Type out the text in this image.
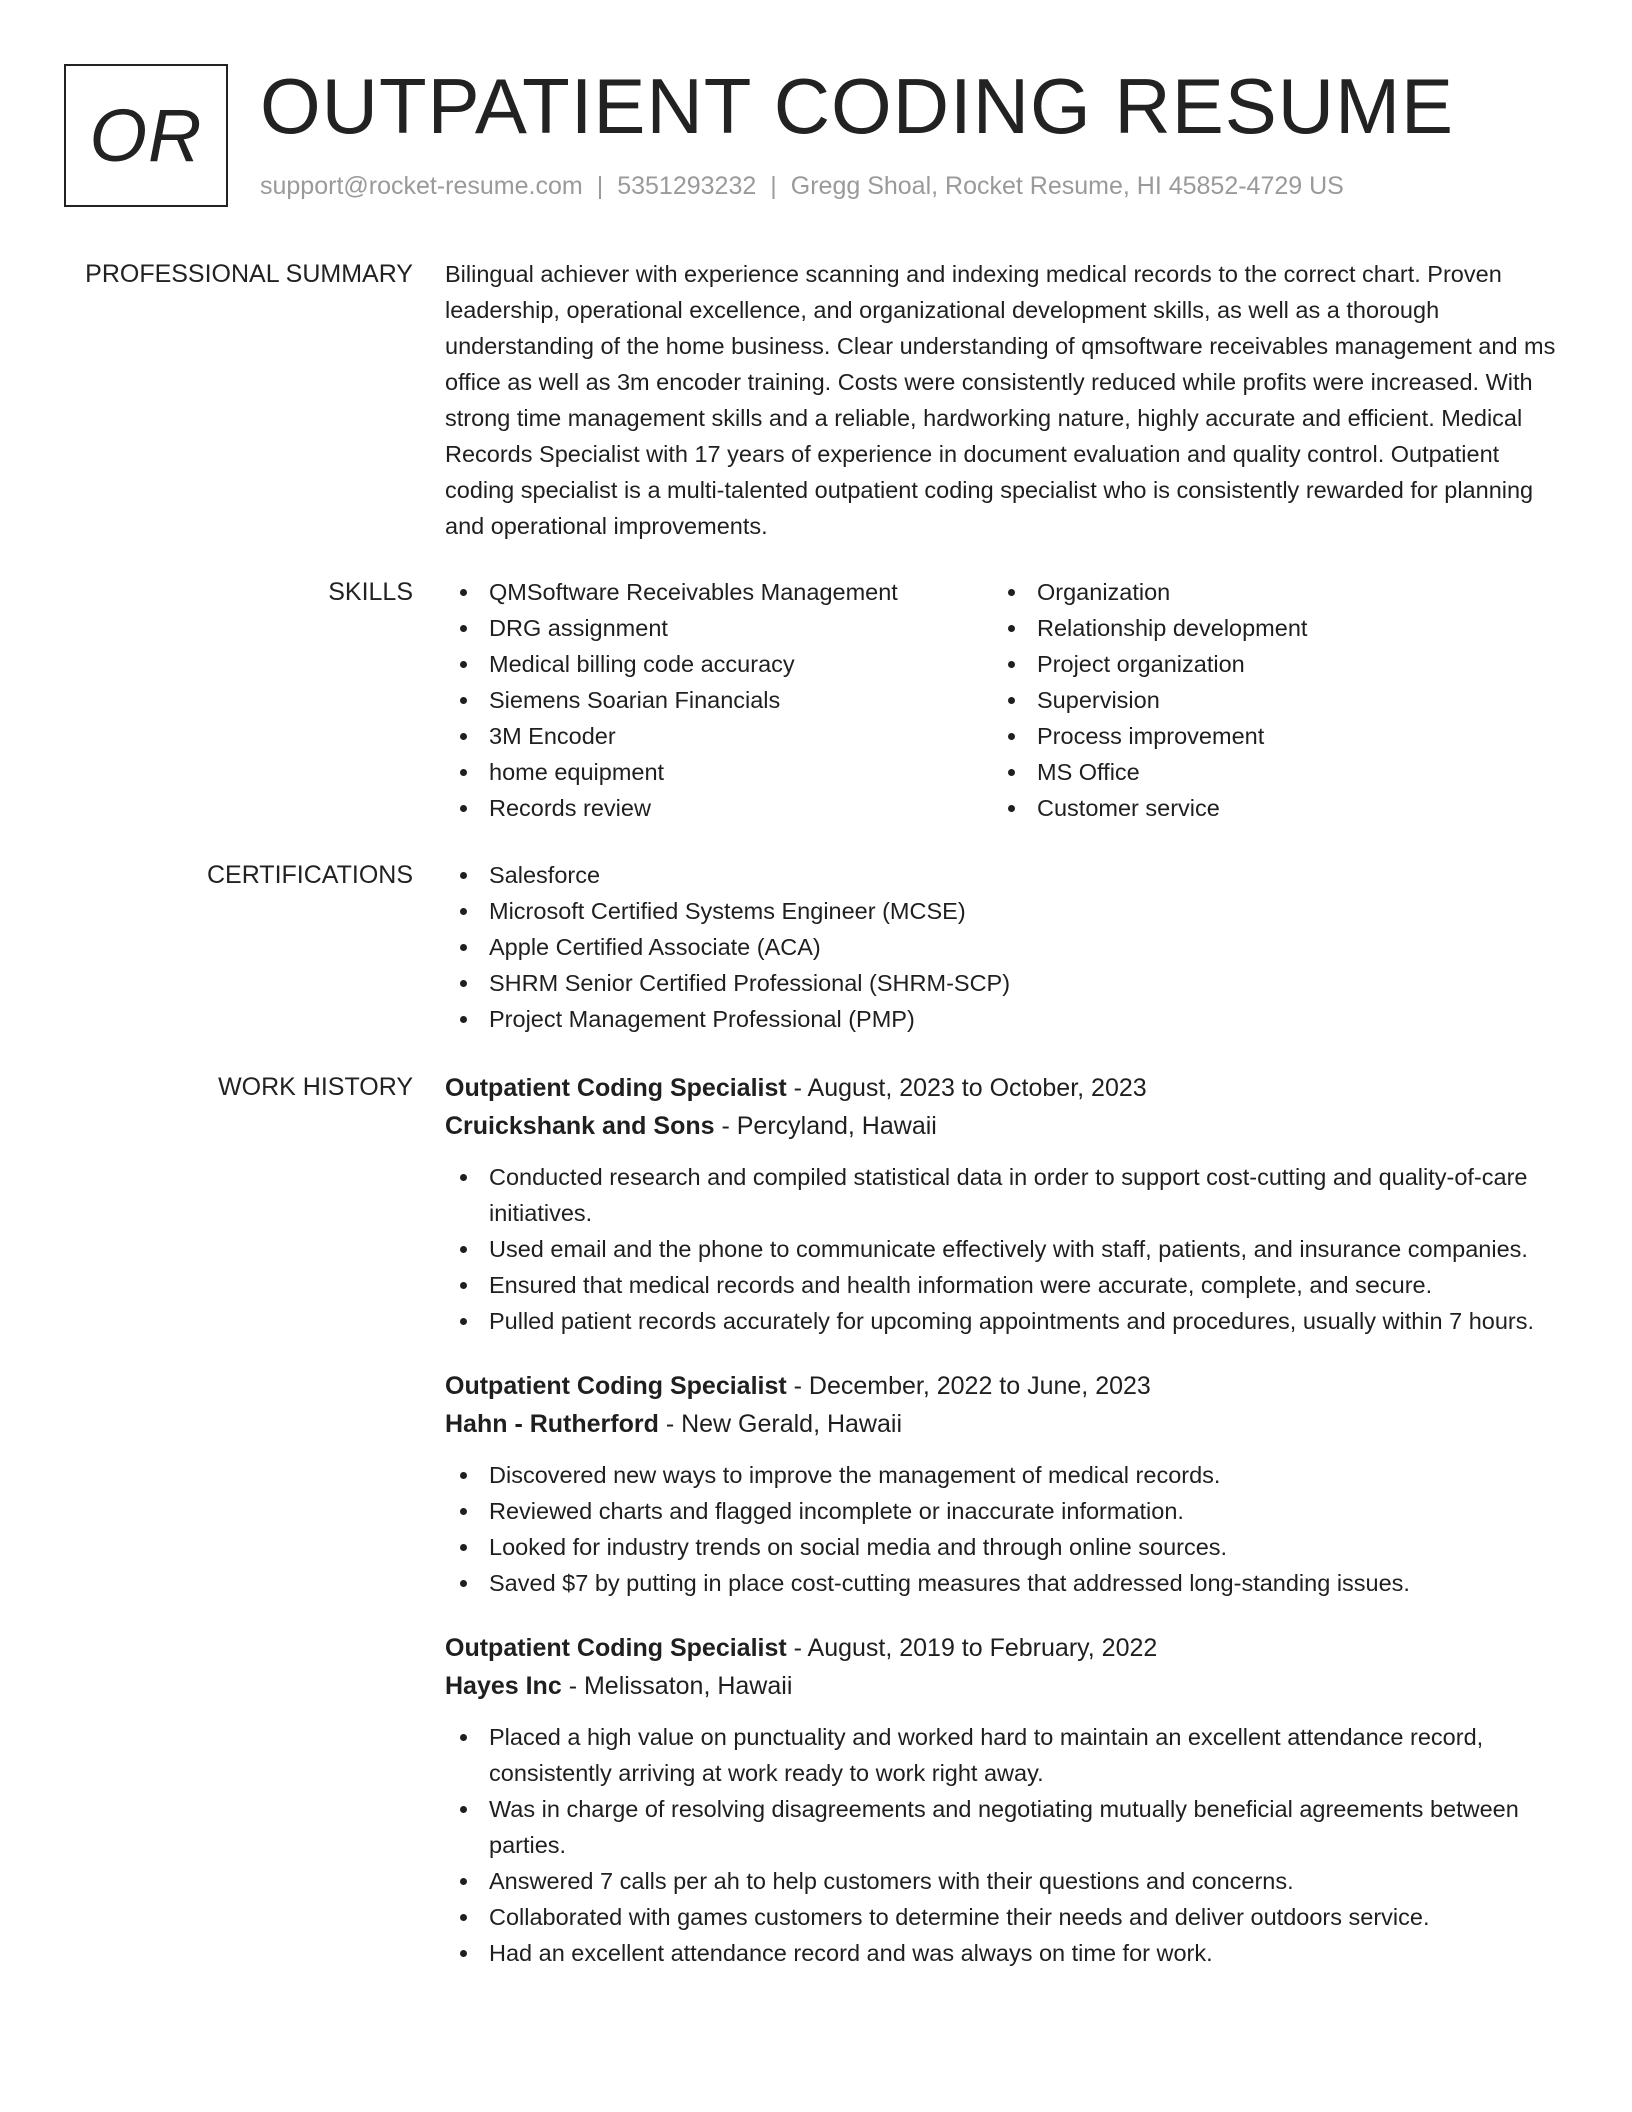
OR OUTPATIENT CODING RESUME
support@rocket-resume.com | 5351293232 | Gregg Shoal, Rocket Resume, HI 45852-4729 US
PROFESSIONAL SUMMARY Bilingual achiever with experience scanning and indexing medical records to the correct chart. Proven leadership, operational excellence, and organizational development skills, as well as a thorough understanding of the home business. Clear understanding of qmsoftware receivables management and ms office as well as 3m encoder training. Costs were consistently reduced while profits were increased. With strong time management skills and a reliable, hardworking nature, highly accurate and efficient. Medical Records Specialist with 17 years of experience in document evaluation and quality control. Outpatient coding specialist is a multi-talented outpatient coding specialist who is consistently rewarded for planning and operational improvements.

SKILLS	QMSoftware Receivables Management
DRG assignment
Medical billing code accuracy
Siemens Soarian Financials
3M Encoder
home equipment
Records review
Organization
Relationship development
Project organization
Supervision
Process improvement
MS Office
Customer service
CERTIFICATIONS	Salesforce
Microsoft Certified Systems Engineer (MCSE)
Apple Certified Associate (ACA)
SHRM Senior Certified Professional (SHRM-SCP)
Project Management Professional (PMP)
WORK HISTORY Outpatient Coding Specialist - August, 2023 to October, 2023
Cruickshank and Sons - Percyland, Hawaii
Conducted research and compiled statistical data in order to support cost-cutting and quality-of-care initiatives.
Used email and the phone to communicate effectively with staff, patients, and insurance companies.
Ensured that medical records and health information were accurate, complete, and secure.
Pulled patient records accurately for upcoming appointments and procedures, usually within 7 hours.
Outpatient Coding Specialist - December, 2022 to June, 2023
Hahn - Rutherford - New Gerald, Hawaii
Discovered new ways to improve the management of medical records.
Reviewed charts and flagged incomplete or inaccurate information.
Looked for industry trends on social media and through online sources.
Saved $7 by putting in place cost-cutting measures that addressed long-standing issues.
Outpatient Coding Specialist - August, 2019 to February, 2022
Hayes Inc - Melissaton, Hawaii
Placed a high value on punctuality and worked hard to maintain an excellent attendance record, consistently arriving at work ready to work right away.
Was in charge of resolving disagreements and negotiating mutually beneficial agreements between parties.
Answered 7 calls per ah to help customers with their questions and concerns.
Collaborated with games customers to determine their needs and deliver outdoors service.
Had an excellent attendance record and was always on time for work.
